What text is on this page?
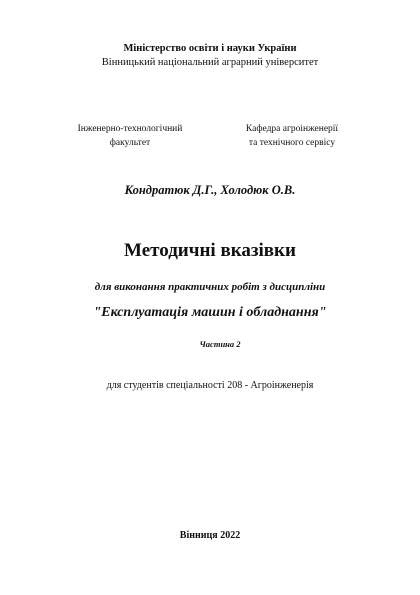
Міністерство освіти і науки України
Вінницький національний аграрний університет
Інженерно-технологічний
факультет
Кафедра агроінженерії
та технічного сервісу
Кондратюк Д.Г., Холодюк О.В.
Методичні вказівки
для виконання практичних робіт з дисципліни
"Експлуатація машин і обладнання"
Частина 2
для студентів спеціальності 208 - Агроінженерія
Вінниця 2022
